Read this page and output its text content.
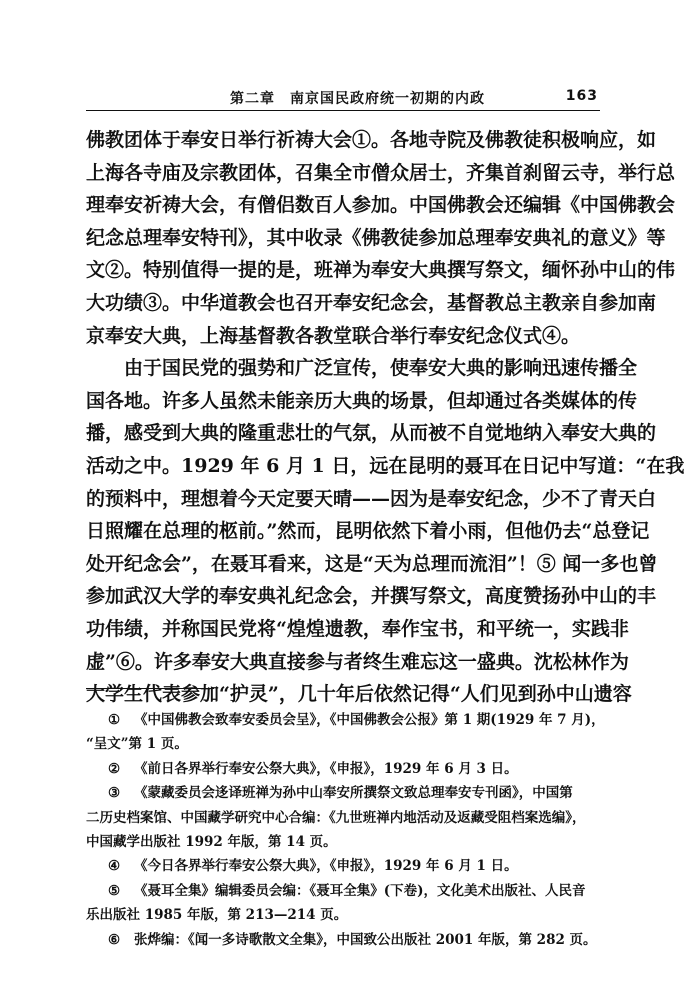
第二章　南京国民政府统一初期的内政	163

佛教团体于奉安日举行祈祷大会①。各地寺院及佛教徒积极响应，如
上海各寺庙及宗教团体，召集全市僧众居士，齐集首刹留云寺，举行总
理奉安祈祷大会，有僧侣数百人参加。中国佛教会还编辑《中国佛教会
纪念总理奉安特刊》，其中收录《佛教徒参加总理奉安典礼的意义》等
文②。特别值得一提的是，班禅为奉安大典撰写祭文，缅怀孙中山的伟
大功绩③。中华道教会也召开奉安纪念会，基督教总主教亲自参加南
京奉安大典，上海基督教各教堂联合举行奉安纪念仪式④。

由于国民党的强势和广泛宣传，使奉安大典的影响迅速传播全
国各地。许多人虽然未能亲历大典的场景，但却通过各类媒体的传
播，感受到大典的隆重悲壮的气氛，从而被不自觉地纳入奉安大典的
活动之中。1929 年 6 月 1 日，远在昆明的聂耳在日记中写道：“在我
的预料中，理想着今天定要天晴——因为是奉安纪念，少不了青天白
日照耀在总理的柩前。”然而，昆明依然下着小雨，但他仍去“总登记
处开纪念会”，在聂耳看来，这是“天为总理而流泪”！⑤ 闻一多也曾
参加武汉大学的奉安典礼纪念会，并撰写祭文，高度赞扬孙中山的丰
功伟绩，并称国民党将“煌煌遗教，奉作宝书，和平统一，实践非
虚”⑥。许多奉安大典直接参与者终生难忘这一盛典。沈松林作为
大学生代表参加“护灵”，几十年后依然记得“人们见到孙中山遗容

① 《中国佛教会致奉安委员会呈》，《中国佛教会公报》第 1 期(1929 年 7 月)，
“呈文”第 1 页。
② 《前日各界举行奉安公祭大典》，《申报》，1929 年 6 月 3 日。
③ 《蒙藏委员会迻译班禅为孙中山奉安所撰祭文致总理奉安专刊函》，中国第
二历史档案馆、中国藏学研究中心合编：《九世班禅内地活动及返藏受阻档案选编》，
中国藏学出版社 1992 年版，第 14 页。
④ 《今日各界举行奉安公祭大典》，《申报》，1929 年 6 月 1 日。
⑤ 《聂耳全集》编辑委员会编：《聂耳全集》(下卷)，文化美术出版社、人民音
乐出版社 1985 年版，第 213—214 页。
⑥ 张烨编：《闻一多诗歌散文全集》，中国致公出版社 2001 年版，第 282 页。
